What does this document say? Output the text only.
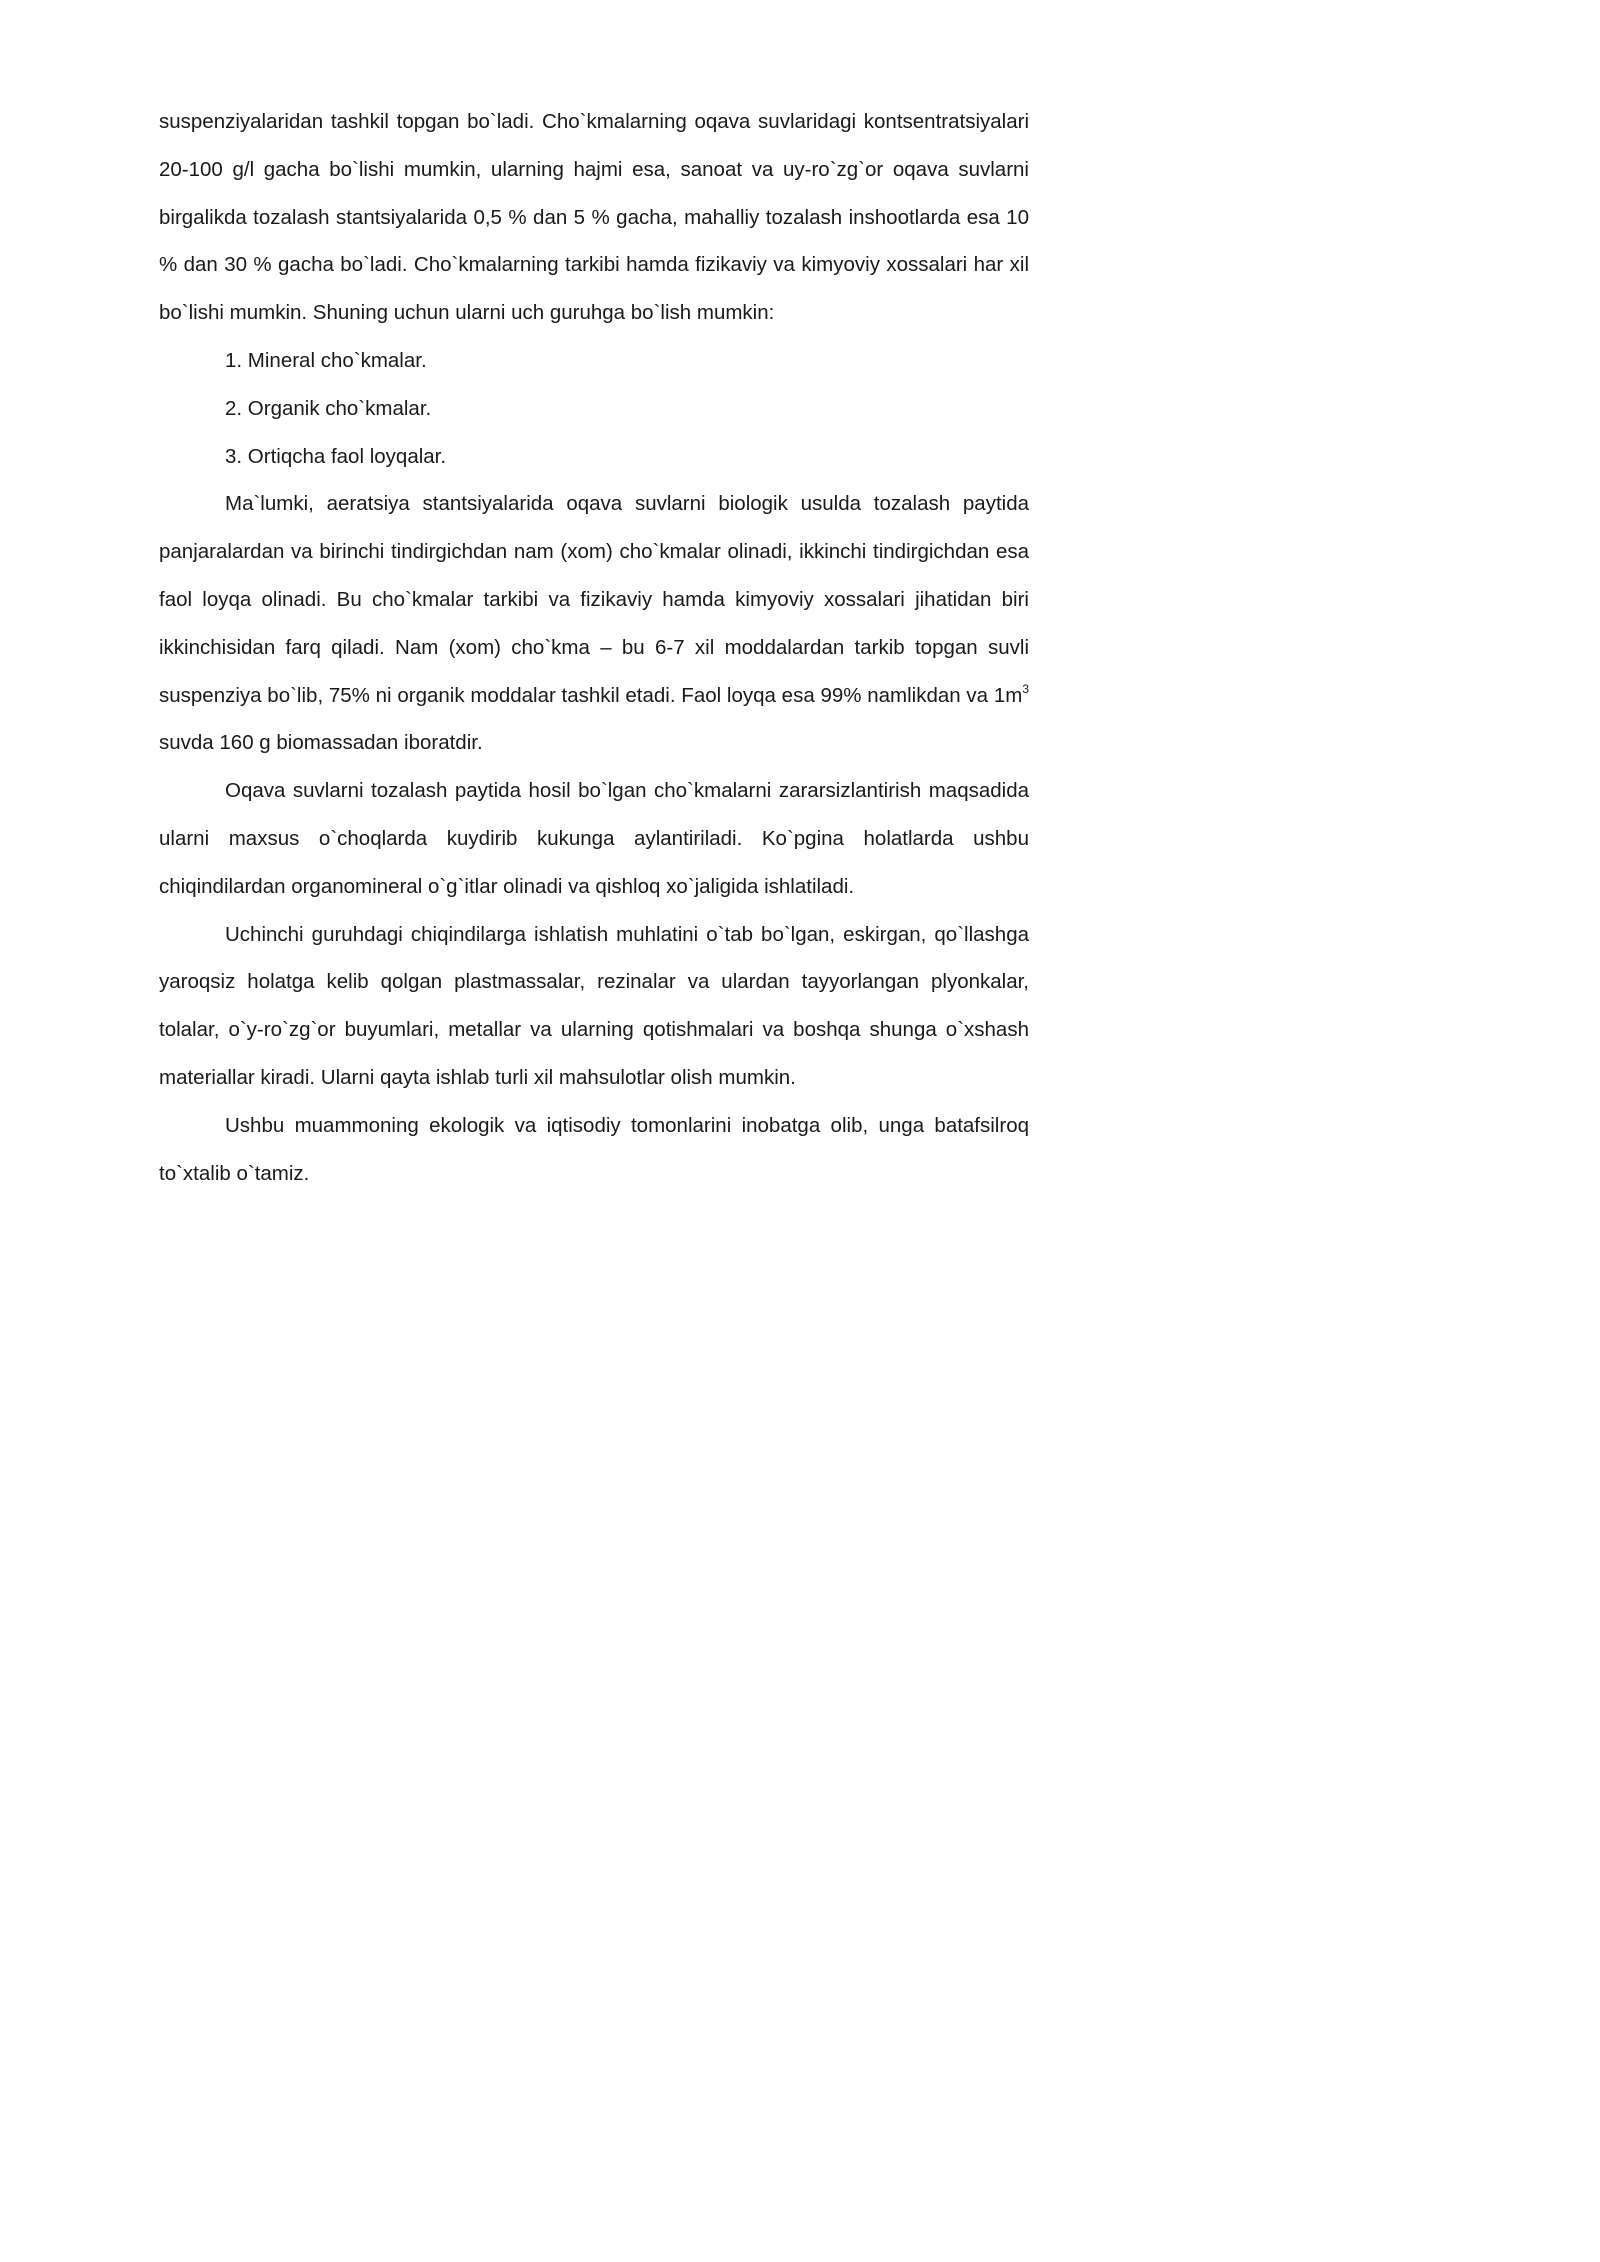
suspenziyalaridan tashkil topgan bo`ladi. Cho`kmalarning oqava suvlaridagi kontsentratsiyalari 20-100 g/l gacha bo`lishi mumkin, ularning hajmi esa, sanoat va uy-ro`zg`or oqava suvlarni birgalikda tozalash stantsiyalarida 0,5 % dan 5 % gacha, mahalliy tozalash inshootlarda esa 10 % dan 30 % gacha bo`ladi. Cho`kmalarning tarkibi hamda fizikaviy va kimyoviy xossalari har xil bo`lishi mumkin. Shuning uchun ularni uch guruhga bo`lish mumkin:

1. Mineral cho`kmalar.

2. Organik cho`kmalar.

3. Ortiqcha faol loyqalar.

Ma`lumki, aeratsiya stantsiyalarida oqava suvlarni biologik usulda tozalash paytida panjaralardan va birinchi tindirgichdan nam (xom) cho`kmalar olinadi, ikkinchi tindirgichdan esa faol loyqa olinadi. Bu cho`kmalar tarkibi va fizikaviy hamda kimyoviy xossalari jihatidan biri ikkinchisidan farq qiladi. Nam (xom) cho`kma – bu 6-7 xil moddalardan tarkib topgan suvli suspenziya bo`lib, 75% ni organik moddalar tashkil etadi. Faol loyqa esa 99% namlikdan va $1m^3$ suvda 160 g biomassadan iboratdir.

Oqava suvlarni tozalash paytida hosil bo`lgan cho`kmalarni zararsizlantirish maqsadida ularni maxsus o`choqlarda kuydirib kukunga aylantiriladi. Ko`pgina holatlarda ushbu chiqindilardan organomineral o`g`itlar olinadi va qishloq xo`jaligida ishlatiladi.

Uchinchi guruhdagi chiqindilarga ishlatish muhlatini o`tab bo`lgan, eskirgan, qo`llashga yaroqsiz holatga kelib qolgan plastmassalar, rezinalar va ulardan tayyorlangan plyonkalar, tolalar, o`y-ro`zg`or buyumlari, metallar va ularning qotishmalari va boshqa shunga o`xshash materiallar kiradi. Ularni qayta ishlab turli xil mahsulotlar olish mumkin.

Ushbu muammoning ekologik va iqtisodiy tomonlarini inobatga olib, unga batafsilroq to`xtalib o`tamiz.
